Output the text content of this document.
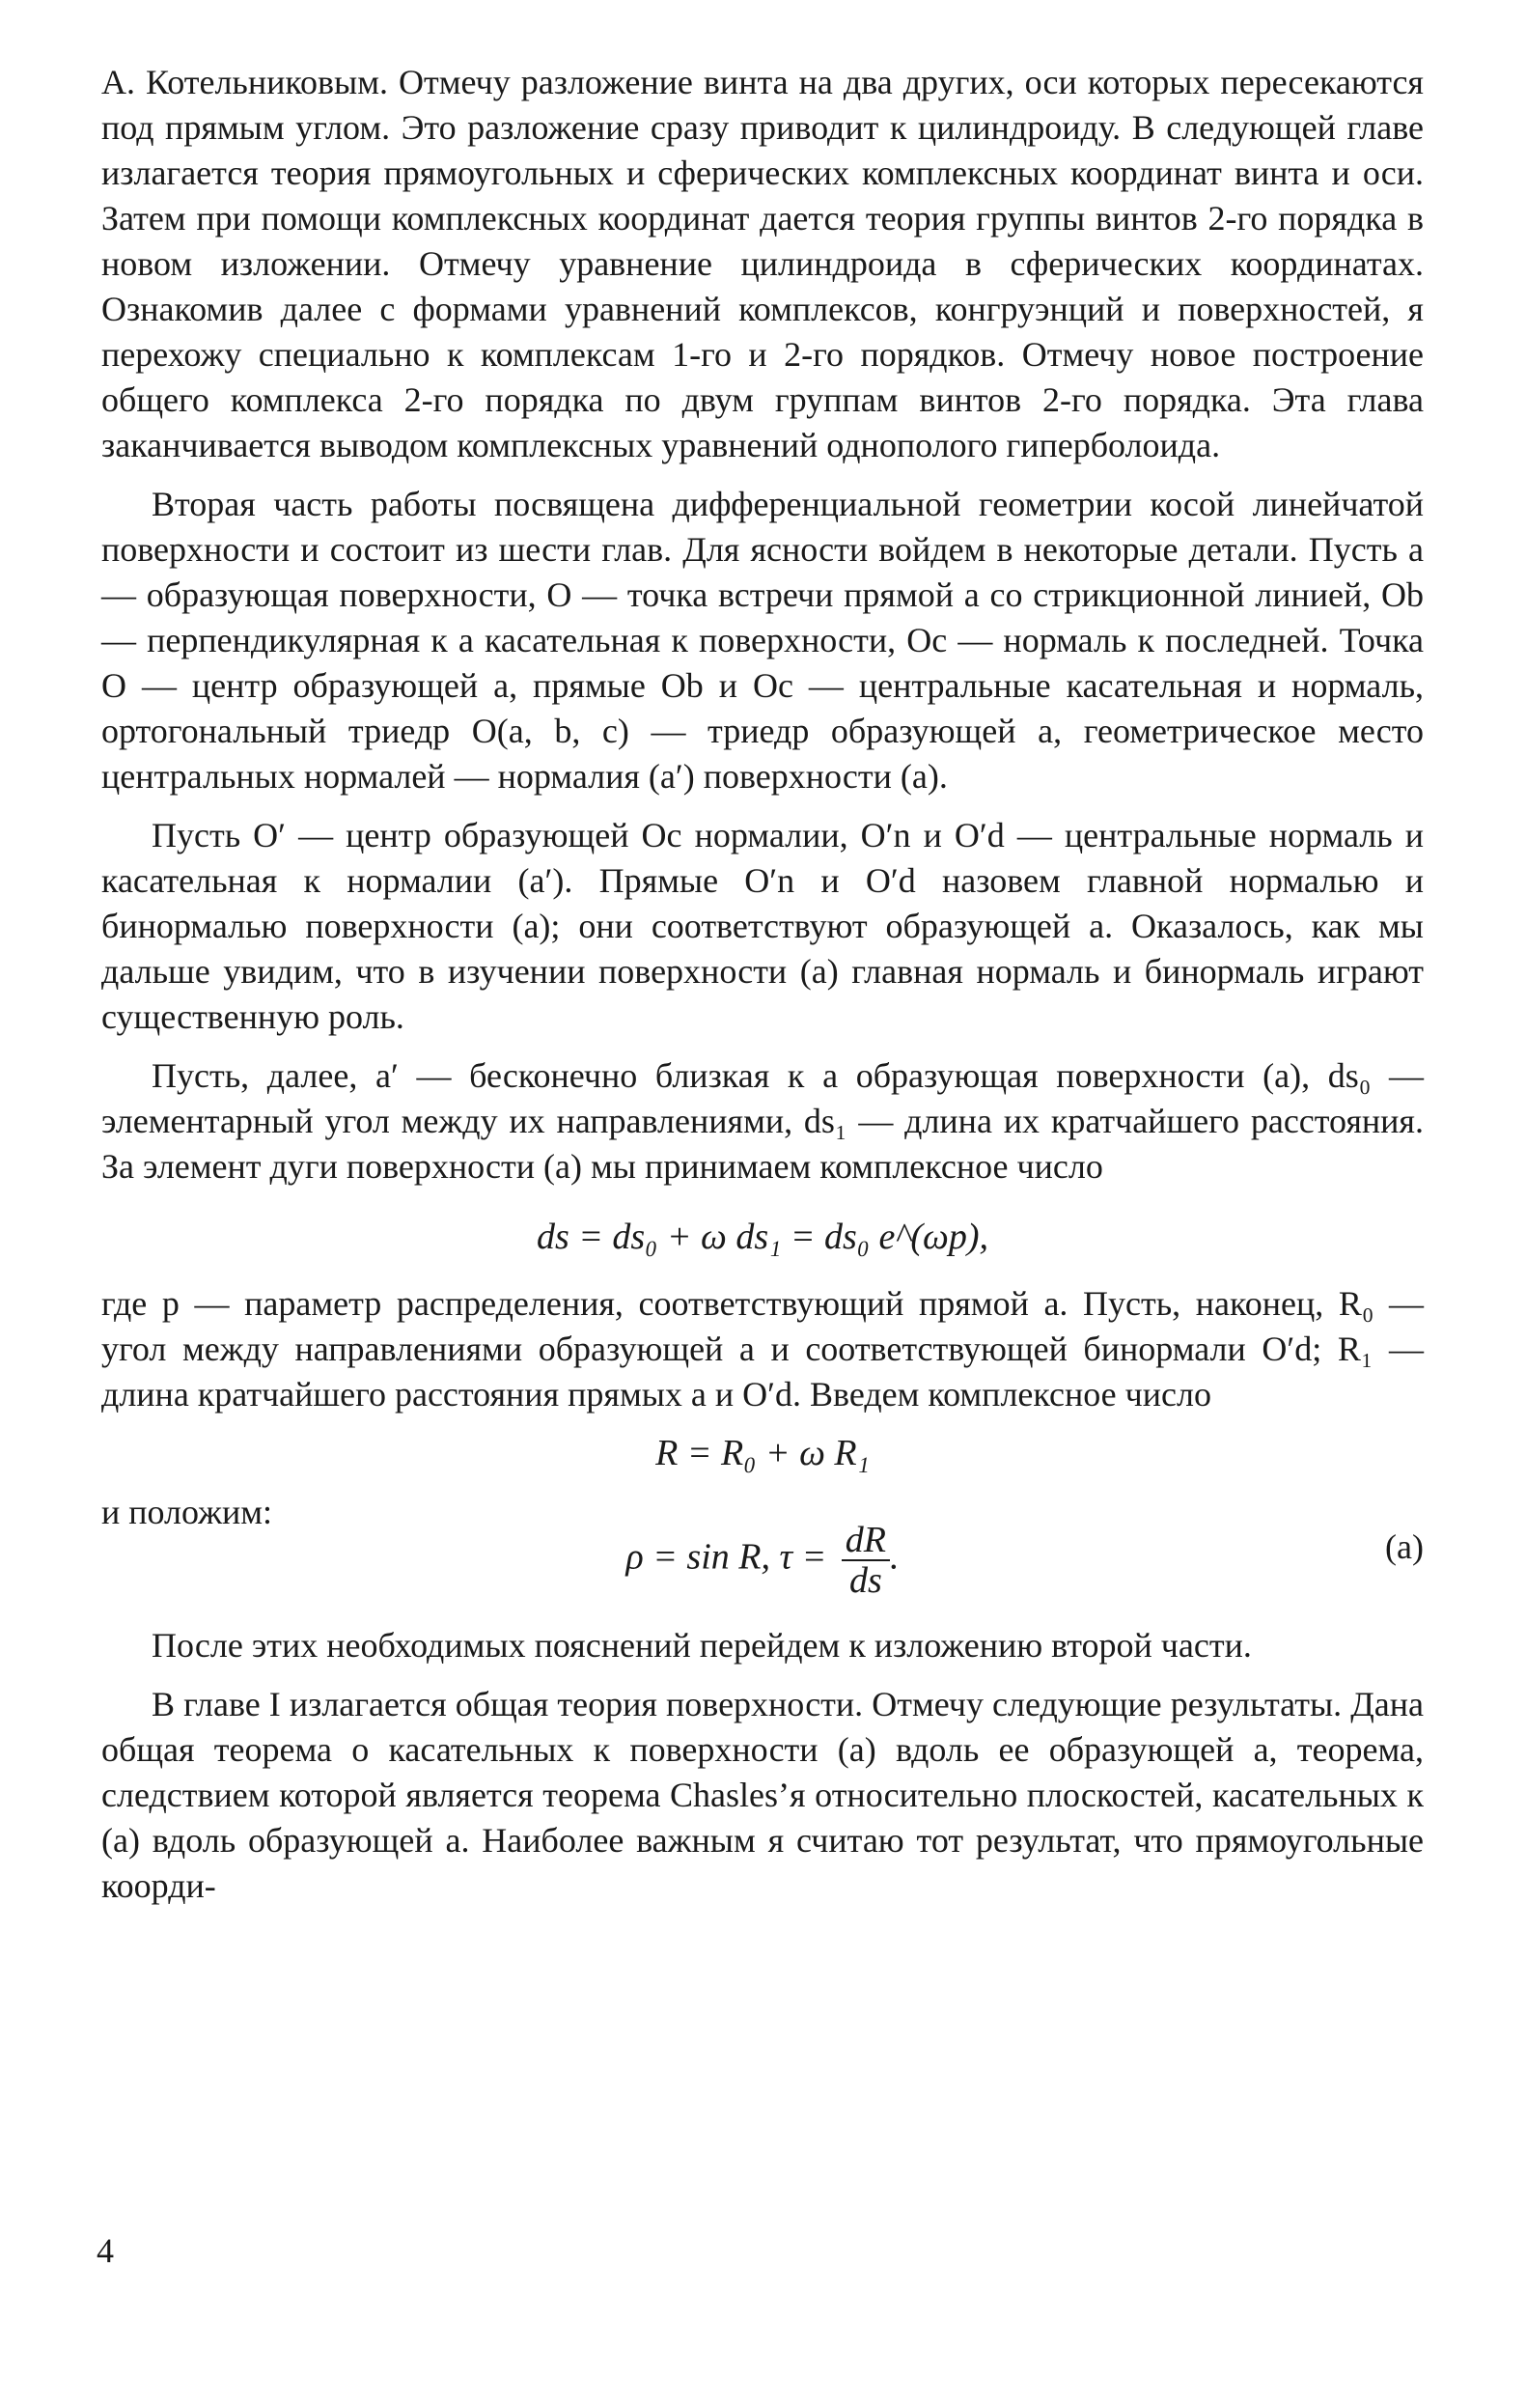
А. Котельниковым. Отмечу разложение винта на два других, оси которых пересекаются под прямым углом. Это разложение сразу приводит к цилиндроиду. В следующей главе излагается теория прямоугольных и сферических комплексных координат винта и оси. Затем при помощи комплексных координат дается теория группы винтов 2-го порядка в новом изложении. Отмечу уравнение цилиндроида в сферических координатах. Ознакомив далее с формами уравнений комплексов, конгруэнций и поверхностей, я перехожу специально к комплексам 1-го и 2-го порядков. Отмечу новое построение общего комплекса 2-го порядка по двум группам винтов 2-го порядка. Эта глава заканчивается выводом комплексных уравнений однополого гиперболоида.

Вторая часть работы посвящена дифференциальной геометрии косой линейчатой поверхности и состоит из шести глав. Для ясности войдем в некоторые детали. Пусть a — образующая поверхности, O — точка встречи прямой a со стрикционной линией, Ob — перпендикулярная к a касательная к поверхности, Oc — нормаль к последней. Точка O — центр образующей a, прямые Ob и Oc — центральные касательная и нормаль, ортогональный триедр O(a, b, c) — триедр образующей a, геометрическое место центральных нормалей — нормалия (a′) поверхности (a).

Пусть O′ — центр образующей Oc нормалии, O′n и O′d — центральные нормаль и касательная к нормалии (a′). Прямые O′n и O′d назовем главной нормалью и бинормалью поверхности (a); они соответствуют образующей a. Оказалось, как мы дальше увидим, что в изучении поверхности (a) главная нормаль и бинормаль играют существенную роль.

Пусть, далее, a′ — бесконечно близкая к a образующая поверхности (a), ds₀ — элементарный угол между их направлениями, ds₁ — длина их кратчайшего расстояния. За элемент дуги поверхности (a) мы принимаем комплексное число

ds = ds₀ + ω ds₁ = ds₀ e^(ωp),

где p — параметр распределения, соответствующий прямой a. Пусть, наконец, R₀ — угол между направлениями образующей a и соответствующей бинормали O′d; R₁ — длина кратчайшего расстояния прямых a и O′d. Введем комплексное число

R = R₀ + ω R₁
и положим:
ρ = sin R, $\tau = \frac{dR}{ds}$ .	(a)

После этих необходимых пояснений перейдем к изложению второй части.

В главе I излагается общая теория поверхности. Отмечу следующие результаты. Дана общая теорема о касательных к поверхности (a) вдоль ее образующей a, теорема, следствием которой является теорема Chasles’я относительно плоскостей, касательных к (a) вдоль образующей a. Наиболее важным я считаю тот результат, что прямоугольные коорди-

4
